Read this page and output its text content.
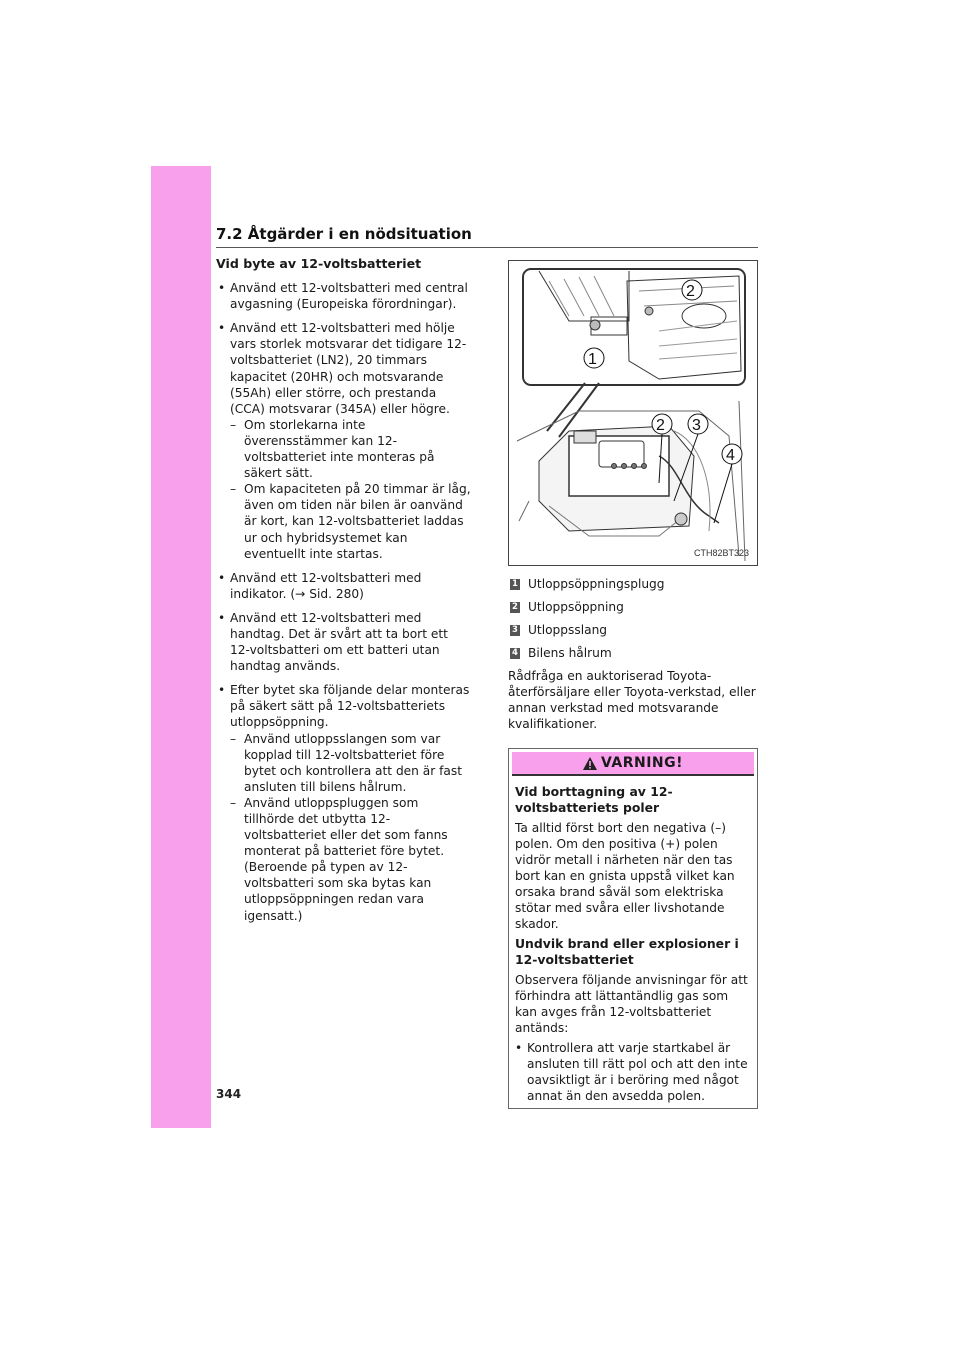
7.2 Åtgärder i en nödsituation
Vid byte av 12-voltsbatteriet
• Använd ett 12-voltsbatteri med central avgasning (Europeiska förordningar).
• Använd ett 12-voltsbatteri med hölje vars storlek motsvarar det tidigare 12-voltsbatteriet (LN2), 20 timmars kapacitet (20HR) och motsvarande (55Ah) eller större, och prestanda (CCA) motsvarar (345A) eller högre.
– Om storlekarna inte överensstämmer kan 12-voltsbatteriet inte monteras på säkert sätt.
– Om kapaciteten på 20 timmar är låg, även om tiden när bilen är oanvänd är kort, kan 12-voltsbatteriet laddas ur och hybridsystemet kan eventuellt inte startas.
• Använd ett 12-voltsbatteri med indikator. (→ Sid. 280)
• Använd ett 12-voltsbatteri med handtag. Det är svårt att ta bort ett 12-voltsbatteri om ett batteri utan handtag används.
• Efter bytet ska följande delar monteras på säkert sätt på 12-voltsbatteriets utloppsöppning.
– Använd utloppsslangen som var kopplad till 12-voltsbatteriet före bytet och kontrollera att den är fast ansluten till bilens hålrum.
– Använd utloppspluggen som tillhörde det utbytta 12-voltsbatteriet eller det som fanns monterat på batteriet före bytet. (Beroende på typen av 12-voltsbatteri som ska bytas kan utloppsöppningen redan vara igensatt.)
2
1
2 3
4
CTH82BT323
1 Utloppsöppningsplugg
2 Utloppsöppning
3 Utloppsslang
4 Bilens hålrum
Rådfråga en auktoriserad Toyota-återförsäljare eller Toyota-verkstad, eller annan verkstad med motsvarande kvalifikationer.
VARNING!
Vid borttagning av 12-voltsbatteriets poler

Ta alltid först bort den negativa (–) polen. Om den positiva (+) polen vidrör metall i närheten när den tas bort kan en gnista uppstå vilket kan orsaka brand såväl som elektriska stötar med svåra eller livshotande skador.

Undvik brand eller explosioner i 12-voltsbatteriet

Observera följande anvisningar för att förhindra att lättantändlig gas som kan avges från 12-voltsbatteriet antänds:

• Kontrollera att varje startkabel är ansluten till rätt pol och att den inte oavsiktligt är i beröring med något annat än den avsedda polen.
344
